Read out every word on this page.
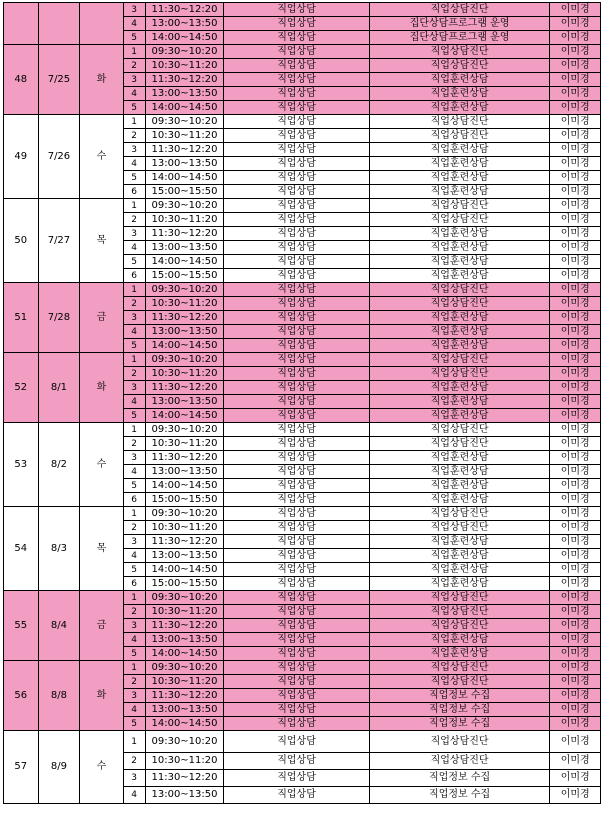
			3	11:30~12:20	직업상담	직업상담진단	이미경
			4	13:00~13:50	직업상담	집단상담프로그램 운영	이미경
			5	14:00~14:50	직업상담	집단상담프로그램 운영	이미경
48	7/25	화	1	09:30~10:20	직업상담	직업상담진단	이미경
			2	10:30~11:20	직업상담	직업상담진단	이미경
			3	11:30~12:20	직업상담	직업훈련상담	이미경
			4	13:00~13:50	직업상담	직업훈련상담	이미경
			5	14:00~14:50	직업상담	직업훈련상담	이미경
49	7/26	수	1	09:30~10:20	직업상담	직업상담진단	이미경
			2	10:30~11:20	직업상담	직업상담진단	이미경
			3	11:30~12:20	직업상담	직업훈련상담	이미경
			4	13:00~13:50	직업상담	직업훈련상담	이미경
			5	14:00~14:50	직업상담	직업훈련상담	이미경
			6	15:00~15:50	직업상담	직업훈련상담	이미경
50	7/27	목	1	09:30~10:20	직업상담	직업상담진단	이미경
			2	10:30~11:20	직업상담	직업상담진단	이미경
			3	11:30~12:20	직업상담	직업훈련상담	이미경
			4	13:00~13:50	직업상담	직업훈련상담	이미경
			5	14:00~14:50	직업상담	직업훈련상담	이미경
			6	15:00~15:50	직업상담	직업훈련상담	이미경
51	7/28	금	1	09:30~10:20	직업상담	직업상담진단	이미경
			2	10:30~11:20	직업상담	직업상담진단	이미경
			3	11:30~12:20	직업상담	직업훈련상담	이미경
			4	13:00~13:50	직업상담	직업훈련상담	이미경
			5	14:00~14:50	직업상담	직업훈련상담	이미경
52	8/1	화	1	09:30~10:20	직업상담	직업상담진단	이미경
			2	10:30~11:20	직업상담	직업상담진단	이미경
			3	11:30~12:20	직업상담	직업훈련상담	이미경
			4	13:00~13:50	직업상담	직업훈련상담	이미경
			5	14:00~14:50	직업상담	직업훈련상담	이미경
53	8/2	수	1	09:30~10:20	직업상담	직업상담진단	이미경
			2	10:30~11:20	직업상담	직업상담진단	이미경
			3	11:30~12:20	직업상담	직업훈련상담	이미경
			4	13:00~13:50	직업상담	직업훈련상담	이미경
			5	14:00~14:50	직업상담	직업훈련상담	이미경
			6	15:00~15:50	직업상담	직업훈련상담	이미경
54	8/3	목	1	09:30~10:20	직업상담	직업상담진단	이미경
			2	10:30~11:20	직업상담	직업상담진단	이미경
			3	11:30~12:20	직업상담	직업훈련상담	이미경
			4	13:00~13:50	직업상담	직업훈련상담	이미경
			5	14:00~14:50	직업상담	직업훈련상담	이미경
			6	15:00~15:50	직업상담	직업훈련상담	이미경
55	8/4	금	1	09:30~10:20	직업상담	직업상담진단	이미경
			2	10:30~11:20	직업상담	직업상담진단	이미경
			3	11:30~12:20	직업상담	직업상담진단	이미경
			4	13:00~13:50	직업상담	직업훈련상담	이미경
			5	14:00~14:50	직업상담	직업훈련상담	이미경
56	8/8	화	1	09:30~10:20	직업상담	직업상담진단	이미경
			2	10:30~11:20	직업상담	직업상담진단	이미경
			3	11:30~12:20	직업상담	직업정보 수집	이미경
			4	13:00~13:50	직업상담	직업정보 수집	이미경
			5	14:00~14:50	직업상담	직업정보 수집	이미경
57	8/9	수	1	09:30~10:20	직업상담	직업상담진단	이미경
			2	10:30~11:20	직업상담	직업상담진단	이미경
			3	11:30~12:20	직업상담	직업정보 수집	이미경
			4	13:00~13:50	직업상담	직업정보 수집	이미경
